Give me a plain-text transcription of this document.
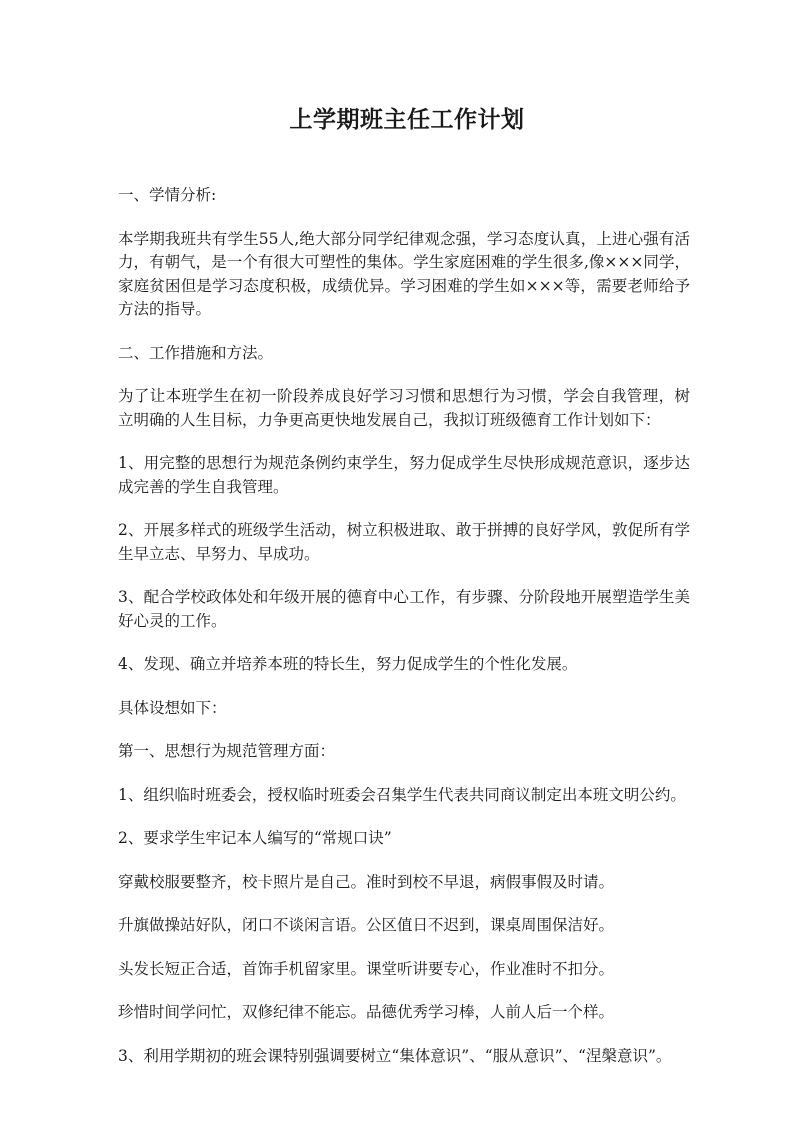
上学期班主任工作计划

一、学情分析:

本学期我班共有学生55人,绝大部分同学纪律观念强，学习态度认真，上进心强有活力，有朝气，是一个有很大可塑性的集体。学生家庭困难的学生很多,像×××同学，家庭贫困但是学习态度积极，成绩优异。学习困难的学生如×××等，需要老师给予方法的指导。

二、工作措施和方法。

为了让本班学生在初一阶段养成良好学习习惯和思想行为习惯，学会自我管理，树立明确的人生目标，力争更高更快地发展自己，我拟订班级德育工作计划如下：

1、用完整的思想行为规范条例约束学生，努力促成学生尽快形成规范意识，逐步达成完善的学生自我管理。

2、开展多样式的班级学生活动，树立积极进取、敢于拼搏的良好学风，敦促所有学生早立志、早努力、早成功。

3、配合学校政体处和年级开展的德育中心工作，有步骤、分阶段地开展塑造学生美好心灵的工作。

4、发现、确立并培养本班的特长生，努力促成学生的个性化发展。

具体设想如下：

第一、思想行为规范管理方面：

1、组织临时班委会，授权临时班委会召集学生代表共同商议制定出本班文明公约。

2、要求学生牢记本人编写的“常规口诀”

穿戴校服要整齐，校卡照片是自己。准时到校不早退，病假事假及时请。

升旗做操站好队，闭口不谈闲言语。公区值日不迟到，课桌周围保洁好。

头发长短正合适，首饰手机留家里。课堂听讲要专心，作业准时不扣分。

珍惜时间学问忙，双修纪律不能忘。品德优秀学习棒，人前人后一个样。

3、利用学期初的班会课特别强调要树立“集体意识”、“服从意识”、“涅槃意识”。
